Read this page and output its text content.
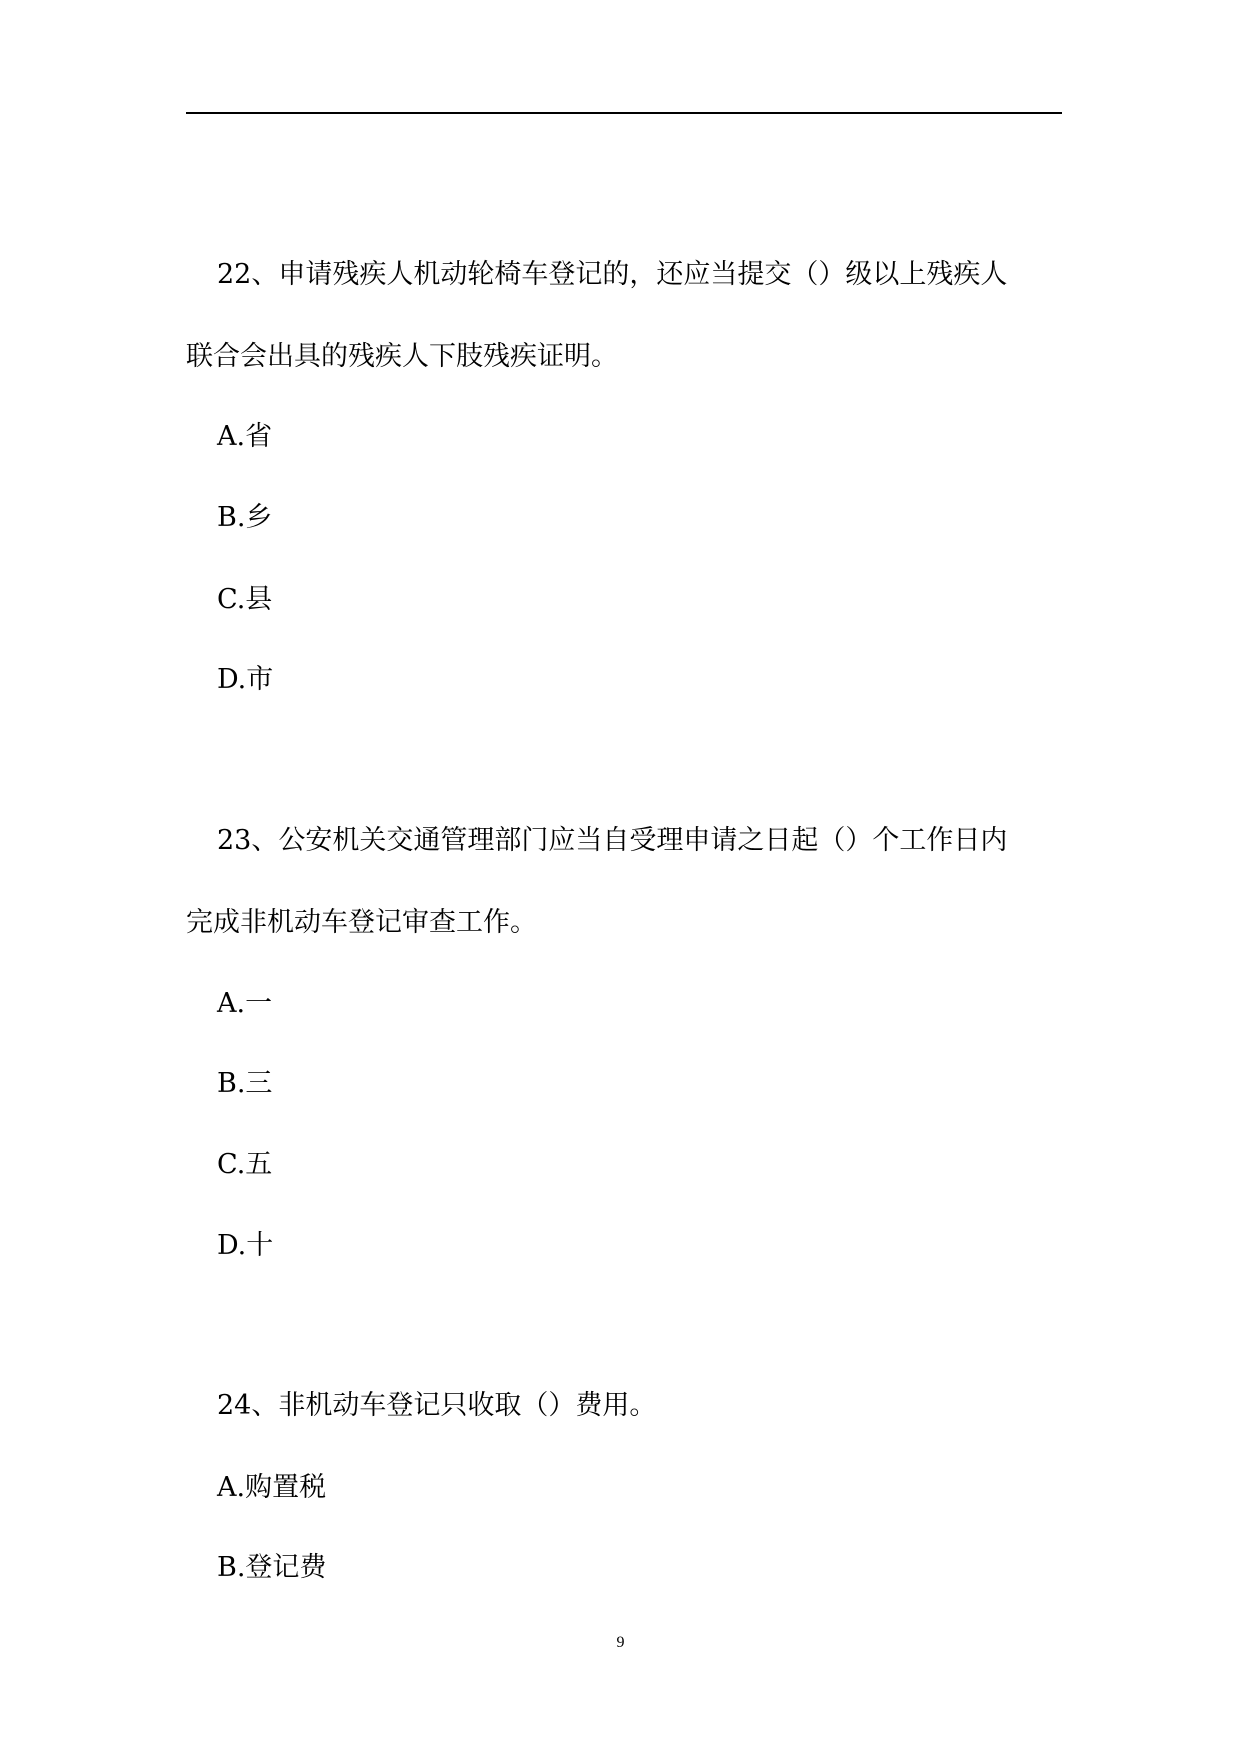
22、申请残疾人机动轮椅车登记的，还应当提交（）级以上残疾人
联合会出具的残疾人下肢残疾证明。
A.省
B.乡
C.县
D.市
23、公安机关交通管理部门应当自受理申请之日起（）个工作日内
完成非机动车登记审查工作。
A.一
B.三
C.五
D.十
24、非机动车登记只收取（）费用。
A.购置税
B.登记费
9
